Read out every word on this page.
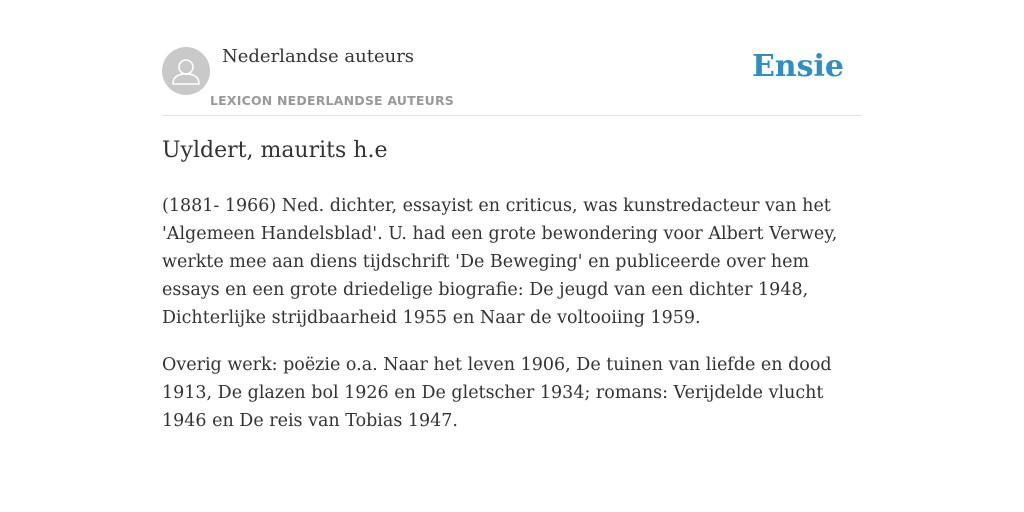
Nederlandse auteurs
LEXICON NEDERLANDSE AUTEURS
Ensie
Uyldert, maurits h.e

(1881- 1966) Ned. dichter, essayist en criticus, was kunstredacteur van het 'Algemeen Handelsblad'. U. had een grote bewondering voor Albert Verwey, werkte mee aan diens tijdschrift 'De Beweging' en publiceerde over hem essays en een grote driedelige biografie: De jeugd van een dichter 1948, Dichterlijke strijdbaarheid 1955 en Naar de voltooiing 1959.

Overig werk: poëzie o.a. Naar het leven 1906, De tuinen van liefde en dood 1913, De glazen bol 1926 en De gletscher 1934; romans: Verijdelde vlucht 1946 en De reis van Tobias 1947.
